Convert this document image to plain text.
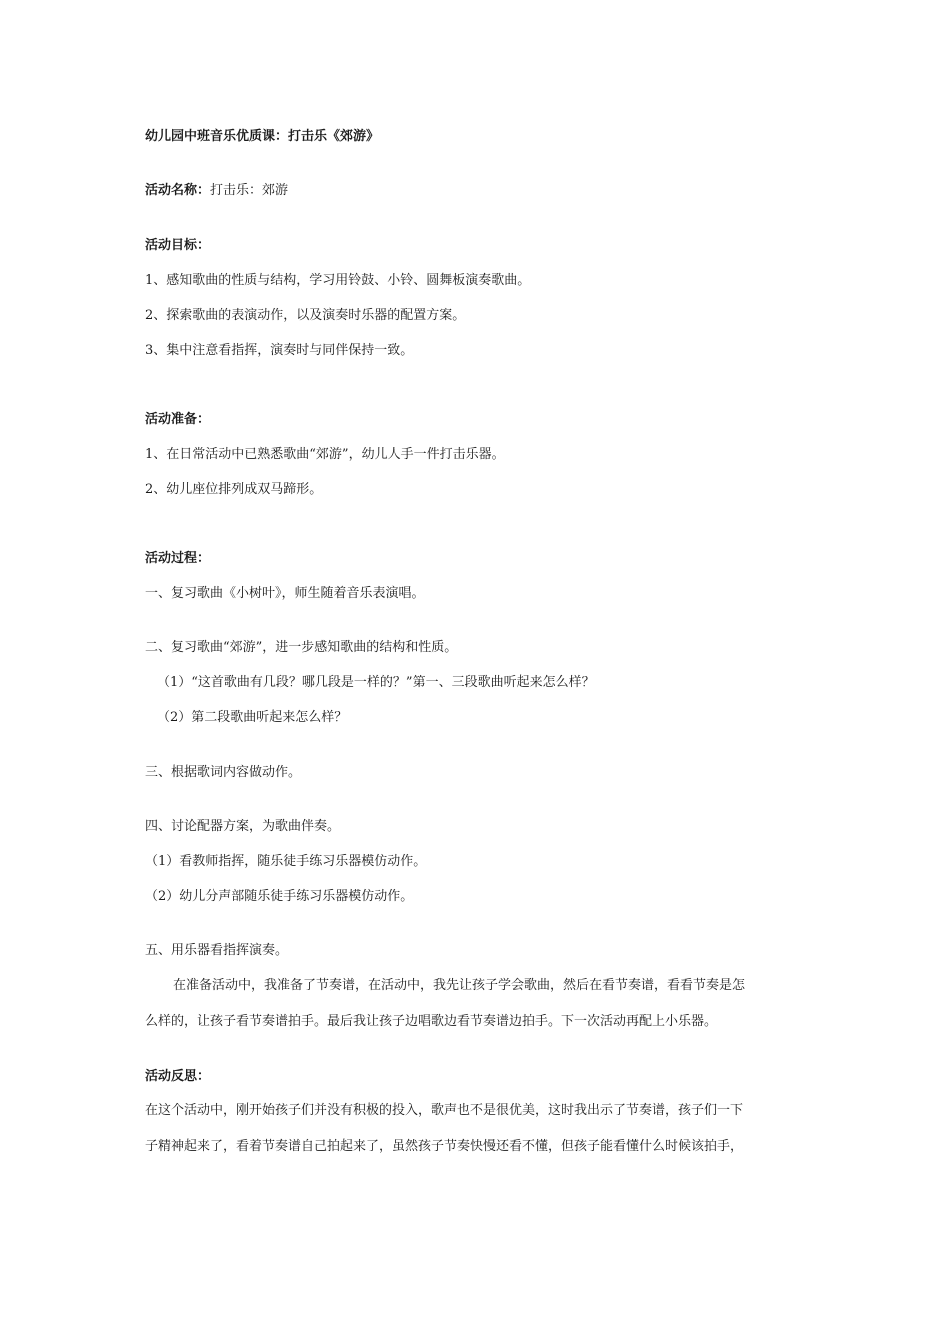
幼儿园中班音乐优质课：打击乐《郊游》
活动名称：打击乐：郊游
活动目标：
1、感知歌曲的性质与结构，学习用铃鼓、小铃、圆舞板演奏歌曲。
2、探索歌曲的表演动作，以及演奏时乐器的配置方案。
3、集中注意看指挥，演奏时与同伴保持一致。
活动准备：
1、在日常活动中已熟悉歌曲“郊游”，幼儿人手一件打击乐器。
2、幼儿座位排列成双马蹄形。
活动过程：
一、复习歌曲《小树叶》，师生随着音乐表演唱。
二、复习歌曲“郊游”，进一步感知歌曲的结构和性质。
（1）“这首歌曲有几段？哪几段是一样的？”第一、三段歌曲听起来怎么样？
（2）第二段歌曲听起来怎么样？
三、根据歌词内容做动作。
四、讨论配器方案，为歌曲伴奏。
（1）看教师指挥，随乐徒手练习乐器模仿动作。
（2）幼儿分声部随乐徒手练习乐器模仿动作。
五、用乐器看指挥演奏。
在准备活动中，我准备了节奏谱，在活动中，我先让孩子学会歌曲，然后在看节奏谱，看看节奏是怎
么样的，让孩子看节奏谱拍手。最后我让孩子边唱歌边看节奏谱边拍手。下一次活动再配上小乐器。
活动反思：
在这个活动中，刚开始孩子们并没有积极的投入，歌声也不是很优美，这时我出示了节奏谱，孩子们一下
子精神起来了，看着节奏谱自己拍起来了，虽然孩子节奏快慢还看不懂，但孩子能看懂什么时候该拍手，
